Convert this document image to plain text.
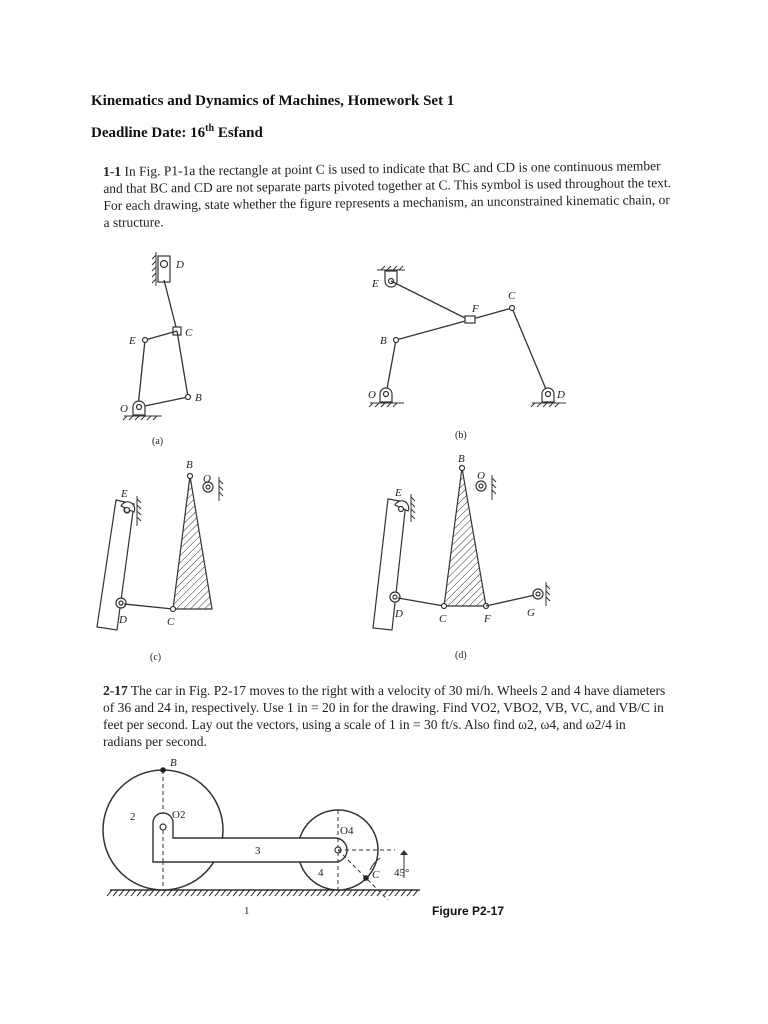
Kinematics and Dynamics of Machines, Homework Set 1
Deadline Date: 16th Esfand
1-1 In Fig. P1-1a the rectangle at point C is used to indicate that BC and CD is one continuous member and that BC and CD are not separate parts pivoted together at C. This symbol is used throughout the text. For each drawing, state whether the figure represents a mechanism, an unconstrained kinematic chain, or a structure.
D
E
C
O
B
(a)
E
F
C
B
O	D
(b)
E
B
O
D	C
(c)
E
B
O
D	C	F	G
(d)
B
2	O2
3
O4
4	C 45°
1
2-17 The car in Fig. P2-17 moves to the right with a velocity of 30 mi/h. Wheels 2 and 4 have diameters of 36 and 24 in, respectively. Use 1 in = 20 in for the drawing. Find VO2, VBO2, VB, VC, and VB/C in feet per second. Lay out the vectors, using a scale of 1 in = 30 ft/s. Also find ω2, ω4, and ω2/4 in radians per second.
Figure P2-17
